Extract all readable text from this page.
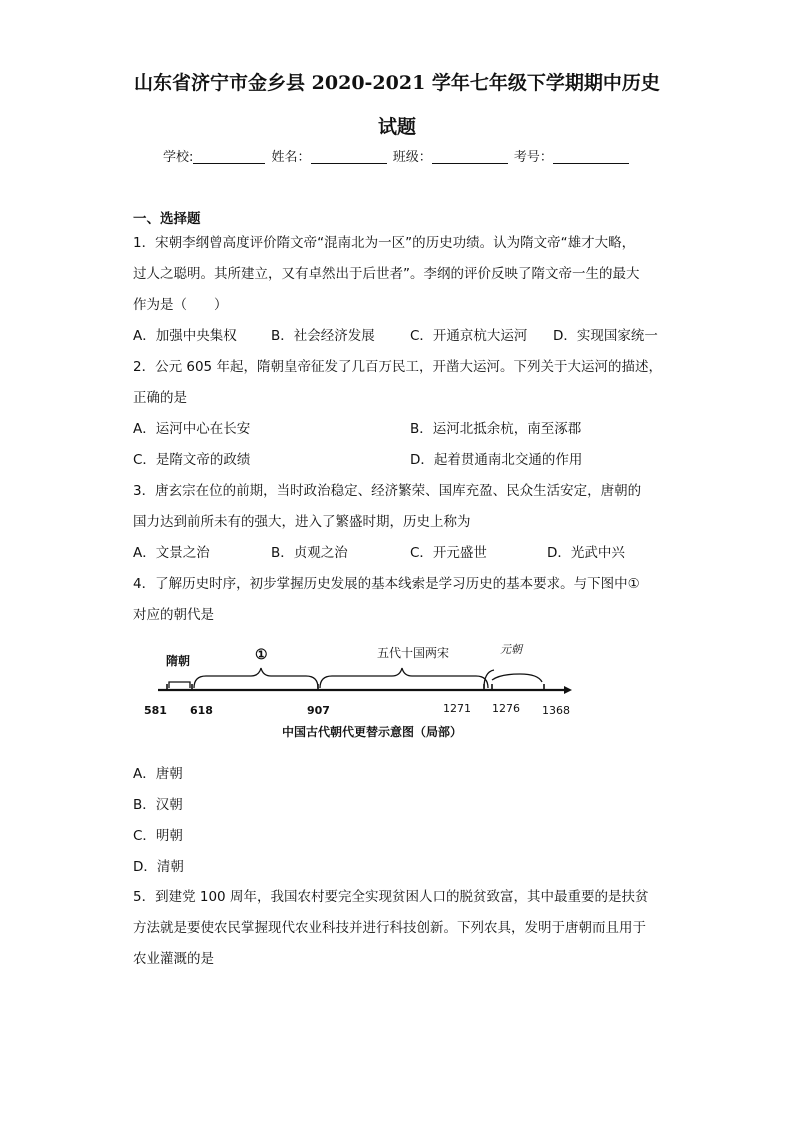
山东省济宁市金乡县 2020-2021 学年七年级下学期期中历史
试题
学校:	姓名：	班级：	考号：
一、选择题
1．宋朝李纲曾高度评价隋文帝“混南北为一区”的历史功绩。认为隋文帝“雄才大略，
过人之聪明。其所建立，又有卓然出于后世者”。李纲的评价反映了隋文帝一生的最大
作为是（　　）
A．加强中央集权	B．社会经济发展	C．开通京杭大运河 D．实现国家统一
2．公元 605 年起，隋朝皇帝征发了几百万民工，开凿大运河。下列关于大运河的描述，
正确的是
A．运河中心在长安	B．运河北抵余杭，南至涿郡
C．是隋文帝的政绩	D．起着贯通南北交通的作用
3．唐玄宗在位的前期，当时政治稳定、经济繁荣、国库充盈、民众生活安定，唐朝的
国力达到前所未有的强大，进入了繁盛时期，历史上称为
A．文景之治	B．贞观之治	C．开元盛世	D．光武中兴
4．了解历史时序，初步掌握历史发展的基本线索是学习历史的基本要求。与下图中①
对应的朝代是
隋朝	①	五代十国两宋	元朝
581 618	907	1271 1276 1368
中国古代朝代更替示意图（局部）
A．唐朝
B．汉朝
C．明朝
D．清朝
5．到建党 100 周年，我国农村要完全实现贫困人口的脱贫致富，其中最重要的是扶贫
方法就是要使农民掌握现代农业科技并进行科技创新。下列农具，发明于唐朝而且用于
农业灌溉的是
